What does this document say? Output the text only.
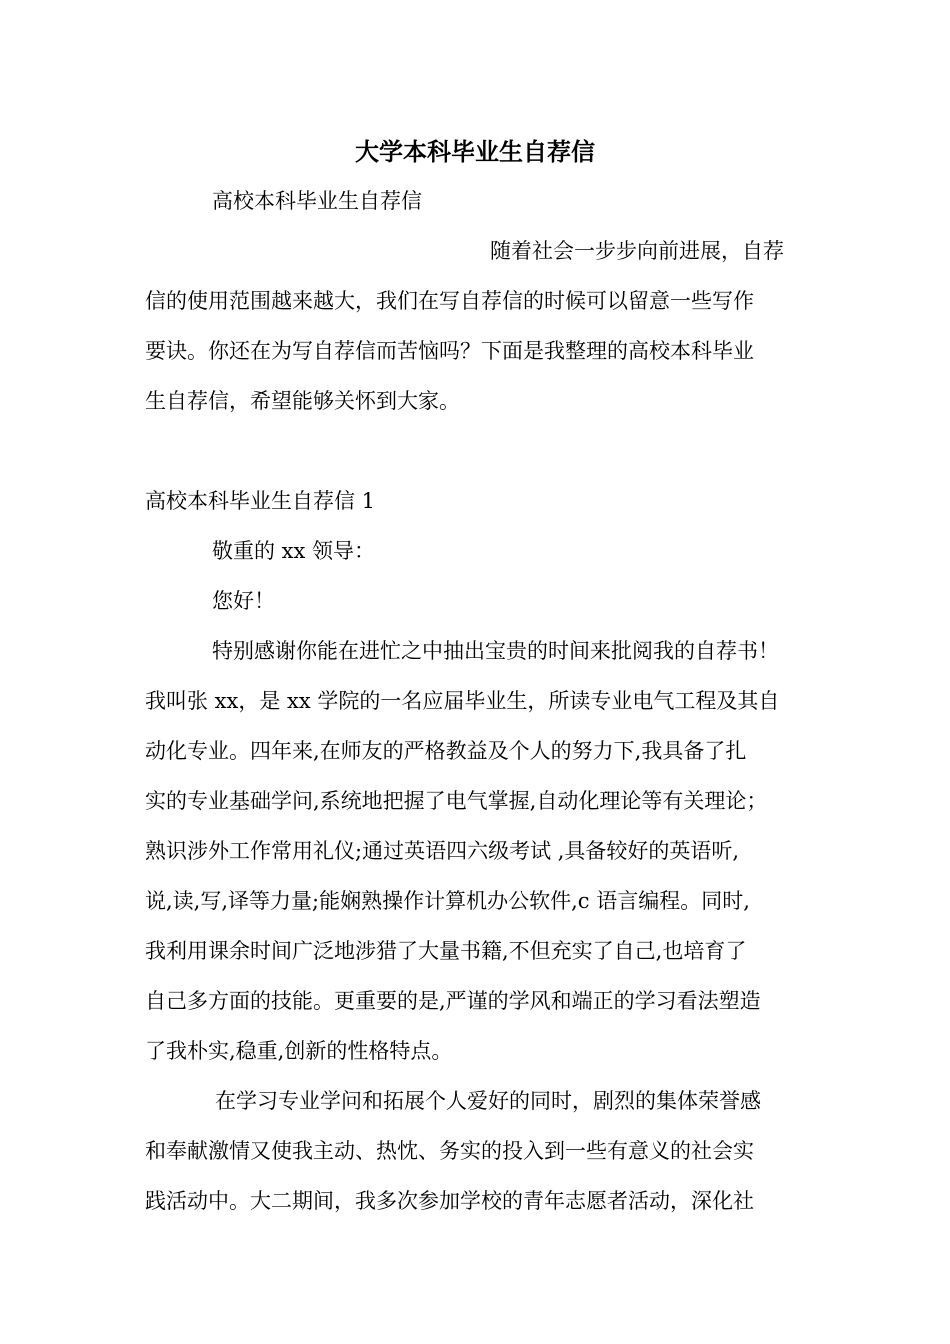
大学本科毕业生自荐信

高校本科毕业生自荐信

随着社会一步步向前进展，自荐

信的使用范围越来越大，我们在写自荐信的时候可以留意一些写作

要诀。你还在为写自荐信而苦恼吗？下面是我整理的高校本科毕业

生自荐信，希望能够关怀到大家。

高校本科毕业生自荐信 1

敬重的 xx 领导：

您好！

特别感谢你能在进忙之中抽出宝贵的时间来批阅我的自荐书！

我叫张 xx，是 xx 学院的一名应届毕业生，所读专业电气工程及其自

动化专业。四年来,在师友的严格教益及个人的努力下,我具备了扎

实的专业基础学问,系统地把握了电气掌握,自动化理论等有关理论；

熟识涉外工作常用礼仪;通过英语四六级考试 ,具备较好的英语听,

说,读,写,译等力量;能娴熟操作计算机办公软件,c 语言编程。同时,

我利用课余时间广泛地涉猎了大量书籍,不但充实了自己,也培育了

自己多方面的技能。更重要的是,严谨的学风和端正的学习看法塑造

了我朴实,稳重,创新的性格特点。

在学习专业学问和拓展个人爱好的同时，剧烈的集体荣誉感

和奉献激情又使我主动、热忱、务实的投入到一些有意义的社会实

践活动中。大二期间，我多次参加学校的青年志愿者活动，深化社
